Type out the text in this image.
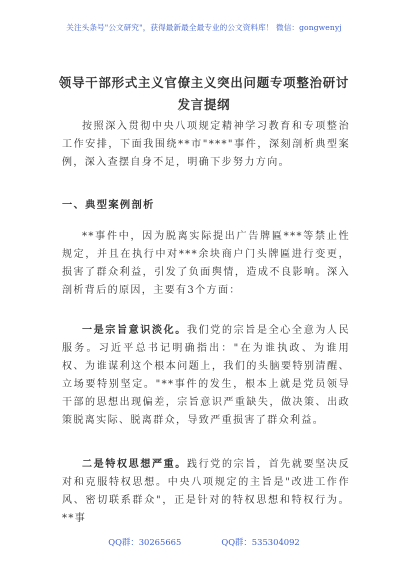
关注头条号"公文研究"，获得最新最全最专业的公文资料库！ 微信：gongwenyj
领导干部形式主义官僚主义突出问题专项整治研讨发言提纲

按照深入贯彻中央八项规定精神学习教育和专项整治工作安排，下面我围绕**市"***"事件，深刻剖析典型案例，深入查摆自身不足，明确下步努力方向。

一、典型案例剖析

**事件中，因为脱离实际提出广告牌匾***等禁止性规定，并且在执行中对***余块商户门头牌匾进行变更，损害了群众利益，引发了负面舆情，造成不良影响。深入剖析背后的原因，主要有3个方面：

一是宗旨意识淡化。我们党的宗旨是全心全意为人民服务。习近平总书记明确指出："在为谁执政、为谁用权、为谁谋利这个根本问题上，我们的头脑要特别清醒、立场要特别坚定。"**事件的发生，根本上就是党员领导干部的思想出现偏差，宗旨意识严重缺失，做决策、出政策脱离实际、脱离群众，导致严重损害了群众利益。

二是特权思想严重。践行党的宗旨，首先就要坚决反对和克服特权思想。中央八项规定的主旨是"改进工作作风、密切联系群众"，正是针对的特权思想和特权行为。**事

QQ群：30265665	QQ群：535304092
